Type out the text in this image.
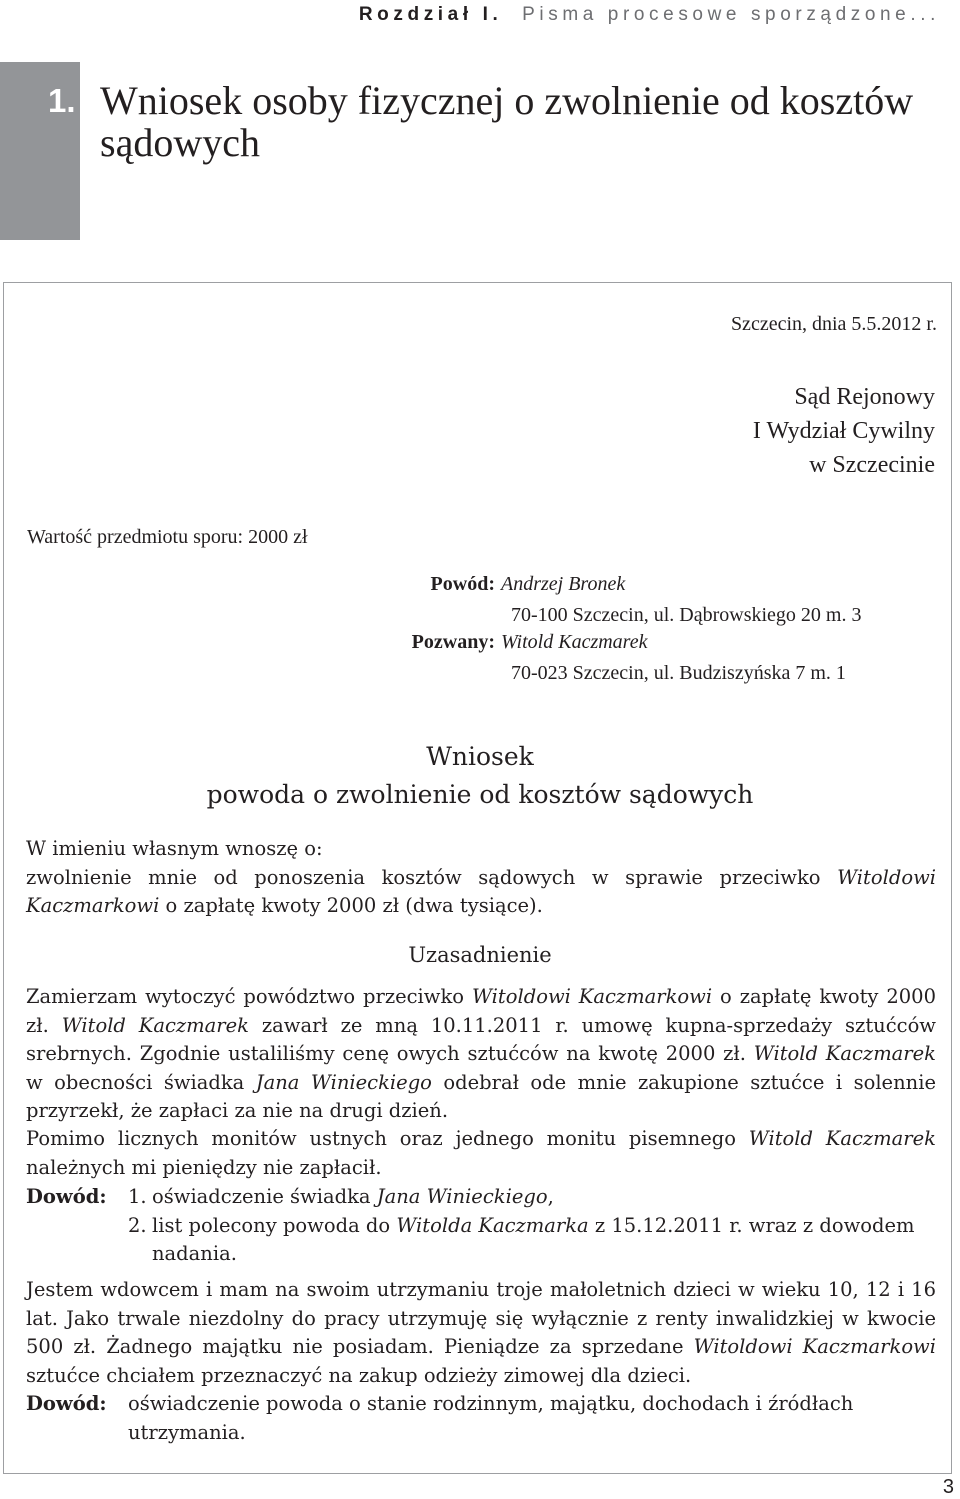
Rozdział I. Pisma procesowe sporządzone...
1. Wniosek osoby fizycznej o zwolnienie od kosztów sądowych
Szczecin, dnia 5.5.2012 r.
Sąd Rejonowy
I Wydział Cywilny
w Szczecinie
Wartość przedmiotu sporu: 2000 zł
Powód: Andrzej Bronek
70-100 Szczecin, ul. Dąbrowskiego 20 m. 3
Pozwany: Witold Kaczmarek
70-023 Szczecin, ul. Budziszyńska 7 m. 1
Wniosek
powoda o zwolnienie od kosztów sądowych
W imieniu własnym wnoszę o:
zwolnienie mnie od ponoszenia kosztów sądowych w sprawie przeciwko Witoldowi Kaczmarkowi o zapłatę kwoty 2000 zł (dwa tysiące).
Uzasadnienie
Zamierzam wytoczyć powództwo przeciwko Witoldowi Kaczmarkowi o zapłatę kwoty 2000 zł. Witold Kaczmarek zawarł ze mną 10.11.2011 r. umowę kupna-sprzedaży sztućców srebrnych. Zgodnie ustaliliśmy cenę owych sztućców na kwotę 2000 zł. Witold Kaczmarek w obecności świadka Jana Winieckiego odebrał ode mnie zakupione sztućce i solennie przyrzekł, że zapłaci za nie na drugi dzień.
Pomimo licznych monitów ustnych oraz jednego monitu pisemnego Witold Kaczmarek należnych mi pieniędzy nie zapłacił.
Dowód:	1. oświadczenie świadka Jana Winieckiego,
2. list polecony powoda do Witolda Kaczmarka z 15.12.2011 r. wraz z dowodem nadania.
Jestem wdowcem i mam na swoim utrzymaniu troje małoletnich dzieci w wieku 10, 12 i 16 lat. Jako trwale niezdolny do pracy utrzymuję się wyłącznie z renty inwalidzkiej w kwocie 500 zł. Żadnego majątku nie posiadam. Pieniądze za sprzedane Witoldowi Kaczmarkowi sztućce chciałem przeznaczyć na zakup odzieży zimowej dla dzieci.
Dowód:	oświadczenie powoda o stanie rodzinnym, majątku, dochodach i źródłach utrzymania.
3
